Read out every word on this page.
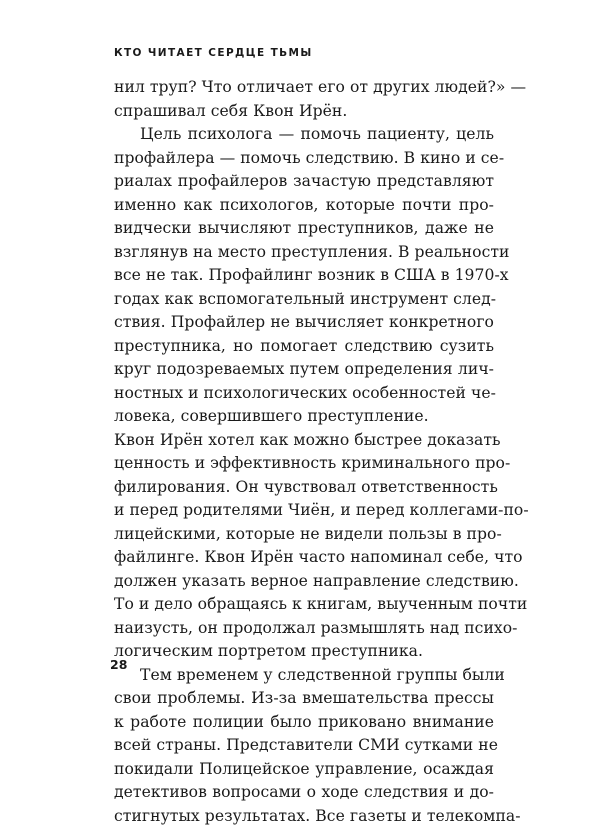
КТО ЧИТАЕТ СЕРДЦЕ ТЬМЫ
нил труп? Что отличает его от других людей?» —
спрашивал себя Квон Ирён.
Цель психолога — помочь пациенту, цель
профайлера — помочь следствию. В кино и се-
риалах профайлеров зачастую представляют
именно как психологов, которые почти про-
видчески вычисляют преступников, даже не
взглянув на место преступления. В реальности
все не так. Профайлинг возник в США в 1970-х
годах как вспомогательный инструмент след-
ствия. Профайлер не вычисляет конкретного
преступника, но помогает следствию сузить
круг подозреваемых путем определения лич-
ностных и психологических особенностей че-
ловека, совершившего преступление.
Квон Ирён хотел как можно быстрее доказать
ценность и эффективность криминального про-
филирования. Он чувствовал ответственность
и перед родителями Чиён, и перед коллегами-по-
лицейскими, которые не видели пользы в про-
файлинге. Квон Ирён часто напоминал себе, что
должен указать верное направление следствию.
То и дело обращаясь к книгам, выученным почти
наизусть, он продолжал размышлять над психо-
логическим портретом преступника.
Тем временем у следственной группы были
свои проблемы. Из-за вмешательства прессы
к работе полиции было приковано внимание
всей страны. Представители СМИ сутками не
покидали Полицейское управление, осаждая
детективов вопросами о ходе следствия и до-
стигнутых результатах. Все газеты и телекомпа-
28
